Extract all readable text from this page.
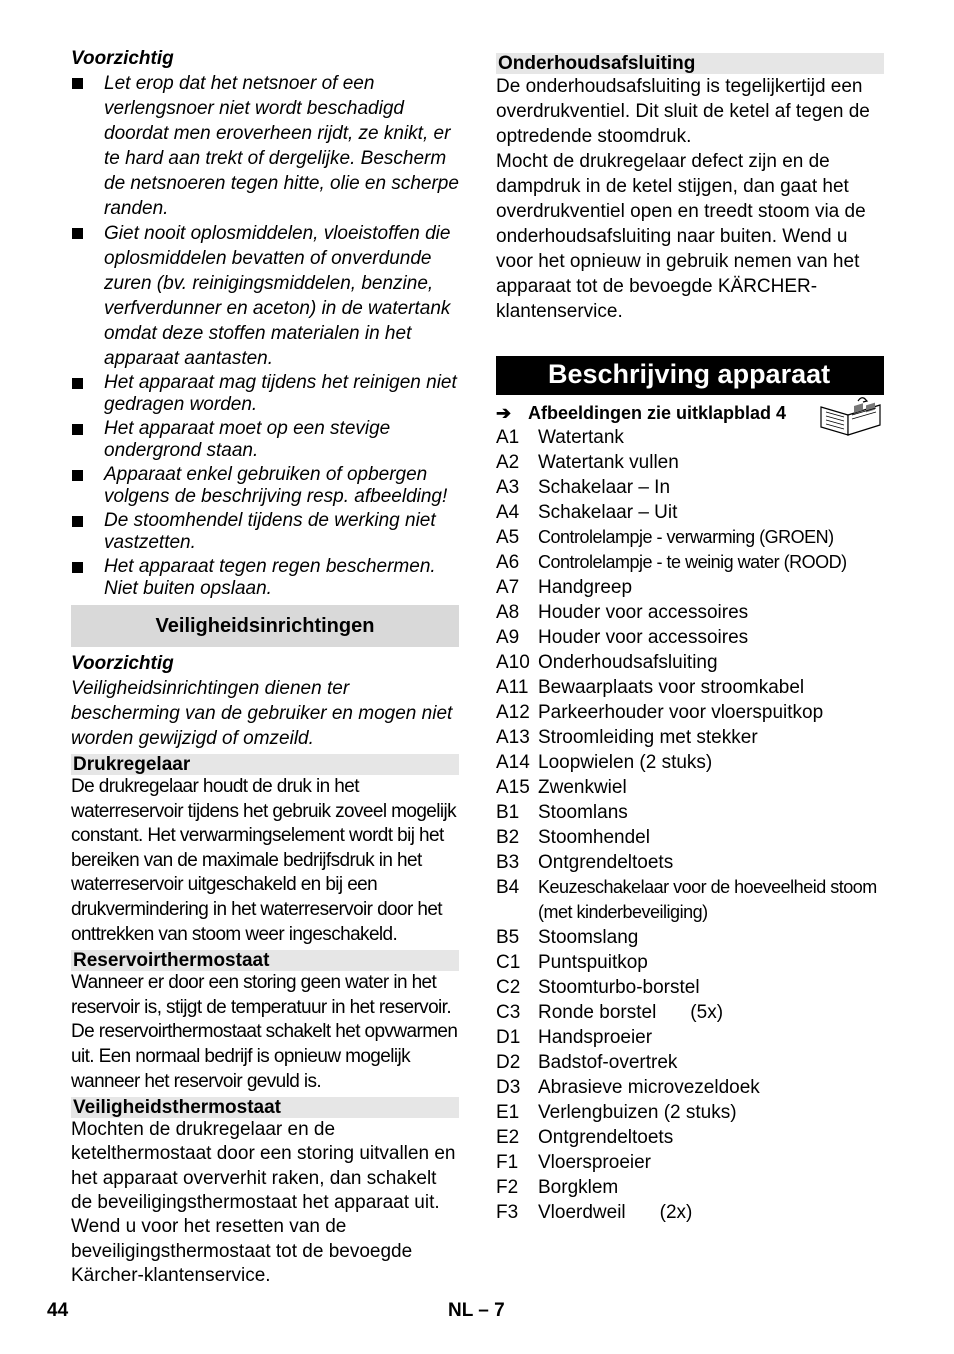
Voorzichtig
Let erop dat het netsnoer of een verlengsnoer niet wordt beschadigd doordat men eroverheen rijdt, ze knikt, er te hard aan trekt of dergelijke. Bescherm de netsnoeren tegen hitte, olie en scherpe randen.
Giet nooit oplosmiddelen, vloeistoffen die oplosmiddelen bevatten of onverdunde zuren (bv. reinigingsmiddelen, benzine, verfverdunner en aceton) in de watertank omdat deze stoffen materialen in het apparaat aantasten.
Het apparaat mag tijdens het reinigen niet gedragen worden.
Het apparaat moet op een stevige ondergrond staan.
Apparaat enkel gebruiken of opbergen volgens de beschrijving resp. afbeelding!
De stoomhendel tijdens de werking niet vastzetten.
Het apparaat tegen regen beschermen. Niet buiten opslaan.
Veiligheidsinrichtingen
Voorzichtig

Veiligheidsinrichtingen dienen ter bescherming van de gebruiker en mogen niet worden gewijzigd of omzeild.

Drukregelaar

De drukregelaar houdt de druk in het waterreservoir tijdens het gebruik zoveel mogelijk constant. Het verwarmingselement wordt bij het bereiken van de maximale bedrijfsdruk in het waterreservoir uitgeschakeld en bij een drukvermindering in het waterreservoir door het onttrekken van stoom weer ingeschakeld.

Reservoirthermostaat

Wanneer er door een storing geen water in het reservoir is, stijgt de temperatuur in het reservoir. De reservoirthermostaat schakelt het opvwarmen uit. Een normaal bedrijf is opnieuw mogelijk wanneer het reservoir gevuld is.

Veiligheidsthermostaat

Mochten de drukregelaar en de ketelthermostaat door een storing uitvallen en het apparaat oververhit raken, dan schakelt de beveiligingsthermostaat het apparaat uit. Wend u voor het resetten van de beveiligingsthermostaat tot de bevoegde Kärcher-klantenservice.

Onderhoudsafsluiting

De onderhoudsafsluiting is tegelijkertijd een overdrukventiel. Dit sluit de ketel af tegen de optredende stoomdruk.

Mocht de drukregelaar defect zijn en de dampdruk in de ketel stijgen, dan gaat het overdrukventiel open en treedt stoom via de onderhoudsafsluiting naar buiten. Wend u voor het opnieuw in gebruik nemen van het apparaat tot de bevoegde KÄRCHER-klantenservice.

Beschrijving apparaat
➔ Afbeeldingen zie uitklapblad 4
A1	Watertank
A2	Watertank vullen
A3	Schakelaar – In
A4	Schakelaar – Uit
A5	Controlelampje - verwarming (GROEN)
A6	Controlelampje - te weinig water (ROOD)
A7	Handgreep
A8	Houder voor accessoires
A9	Houder voor accessoires
A10	Onderhoudsafsluiting
A11	Bewaarplaats voor stroomkabel
A12	Parkeerhouder voor vloerspuitkop
A13	Stroomleiding met stekker
A14	Loopwielen (2 stuks)
A15	Zwenkwiel
B1	Stoomlans
B2	Stoomhendel
B3	Ontgrendeltoets
B4	Keuzeschakelaar voor de hoeveelheid stoom (met kinderbeveiliging)
B5	Stoomslang
C1	Puntspuitkop
C2	Stoomturbo-borstel
C3	Ronde borstel (5x)
D1	Handsproeier
D2	Badstof-overtrek
D3	Abrasieve microvezeldoek
E1	Verlengbuizen (2 stuks)
E2	Ontgrendeltoets
F1	Vloersproeier
F2	Borgklem
F3	Vloerdweil (2x)
44	NL – 7
